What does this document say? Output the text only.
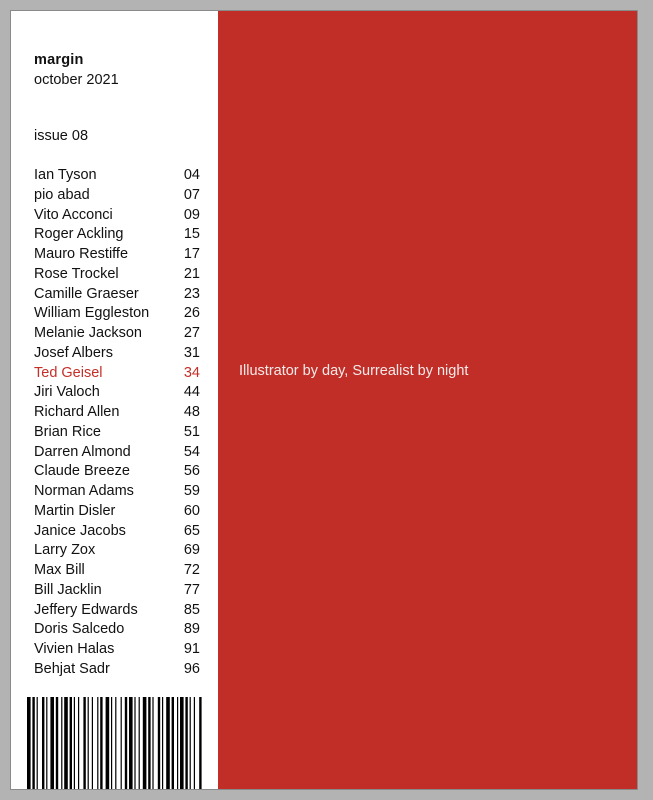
margin
october 2021
issue 08
Ian Tyson	04
pio abad	07
Vito Acconci	09
Roger Ackling	15
Mauro Restiffe	17
Rose Trockel	21
Camille Graeser	23
William Eggleston 26
Melanie Jackson	27
Josef Albers	31
Ted Geisel	34
Jiri Valoch	44
Richard Allen	48
Brian Rice	51
Darren Almond	54
Claude Breeze	56
Norman Adams	59
Martin Disler	60
Janice Jacobs	65
Larry Zox	69
Max Bill	72
Bill Jacklin	77
Jeffery Edwards	85
Doris Salcedo	89
Vivien Halas	91
Behjat Sadr	96
Illustrator by day, Surrealist by night
